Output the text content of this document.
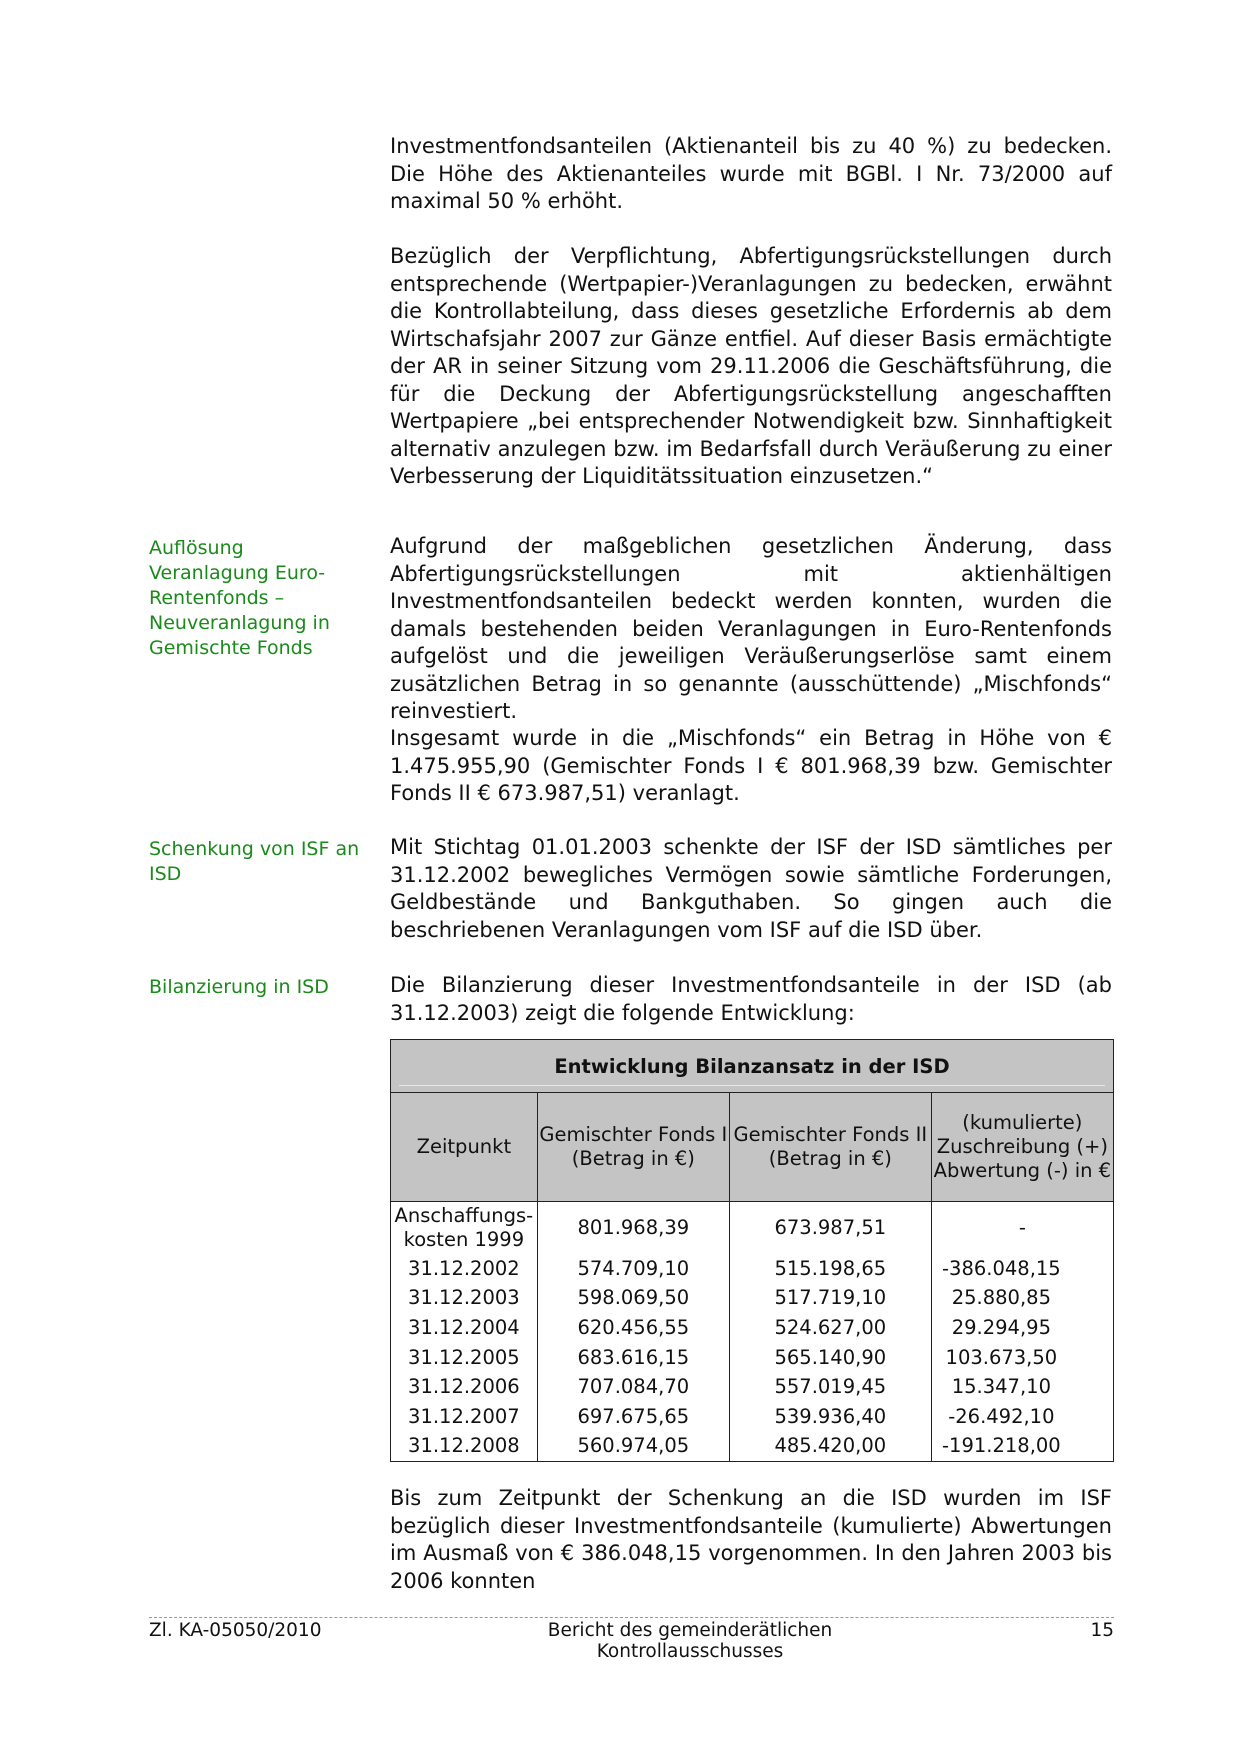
Investmentfondsanteilen (Aktienanteil bis zu 40 %) zu bedecken. Die Höhe des Aktienanteiles wurde mit BGBl. I Nr. 73/2000 auf maximal 50 % erhöht.

Bezüglich der Verpflichtung, Abfertigungsrückstellungen durch entsprechende (Wertpapier-)Veranlagungen zu bedecken, erwähnt die Kontrollabteilung, dass dieses gesetzliche Erfordernis ab dem Wirtschafsjahr 2007 zur Gänze entfiel. Auf dieser Basis ermächtigte der AR in seiner Sitzung vom 29.11.2006 die Geschäftsführung, die für die Deckung der Abfertigungsrückstellung angeschafften Wertpapiere „bei entsprechender Notwendigkeit bzw. Sinnhaftigkeit alternativ anzulegen bzw. im Bedarfsfall durch Veräußerung zu einer Verbesserung der Liquiditätssituation einzusetzen.“

Auflösung Veranlagung Euro-Rentenfonds – Neuveranlagung in Gemischte Fonds

Aufgrund der maßgeblichen gesetzlichen Änderung, dass Abfertigungsrückstellungen mit aktienhältigen Investmentfondsanteilen bedeckt werden konnten, wurden die damals bestehenden beiden Veranlagungen in Euro-Rentenfonds aufgelöst und die jeweiligen Veräußerungserlöse samt einem zusätzlichen Betrag in so genannte (ausschüttende) „Mischfonds“ reinvestiert.

Insgesamt wurde in die „Mischfonds“ ein Betrag in Höhe von € 1.475.955,90 (Gemischter Fonds I € 801.968,39 bzw. Gemischter Fonds II € 673.987,51) veranlagt.

Schenkung von ISF an ISD

Mit Stichtag 01.01.2003 schenkte der ISF der ISD sämtliches per 31.12.2002 bewegliches Vermögen sowie sämtliche Forderungen, Geldbestände und Bankguthaben. So gingen auch die beschriebenen Veranlagungen vom ISF auf die ISD über.

Bilanzierung in ISD	Die Bilanzierung dieser Investmentfondsanteile in der ISD (ab 31.12.2003) zeigt die folgende Entwicklung:

Entwicklung Bilanzansatz in der ISD			

Zeitpunkt	Gemischter Fonds I (Betrag in €)	Gemischter Fonds II (Betrag in €)	(kumulierte) Zuschreibung (+) Abwertung (-) in €
Anschaffungs-kosten 1999	801.968,39	673.987,51	-
31.12.2002	574.709,10	515.198,65	-386.048,15
31.12.2003	598.069,50	517.719,10	25.880,85
31.12.2004	620.456,55	524.627,00	29.294,95
31.12.2005	683.616,15	565.140,90	103.673,50
31.12.2006	707.084,70	557.019,45	15.347,10
31.12.2007	697.675,65	539.936,40	-26.492,10
31.12.2008	560.974,05	485.420,00	-191.218,00

Bis zum Zeitpunkt der Schenkung an die ISD wurden im ISF bezüglich dieser Investmentfondsanteile (kumulierte) Abwertungen im Ausmaß von € 386.048,15 vorgenommen. In den Jahren 2003 bis 2006 konnten

Zl. KA-05050/2010	Bericht des gemeinderätlichen Kontrollausschusses
15
